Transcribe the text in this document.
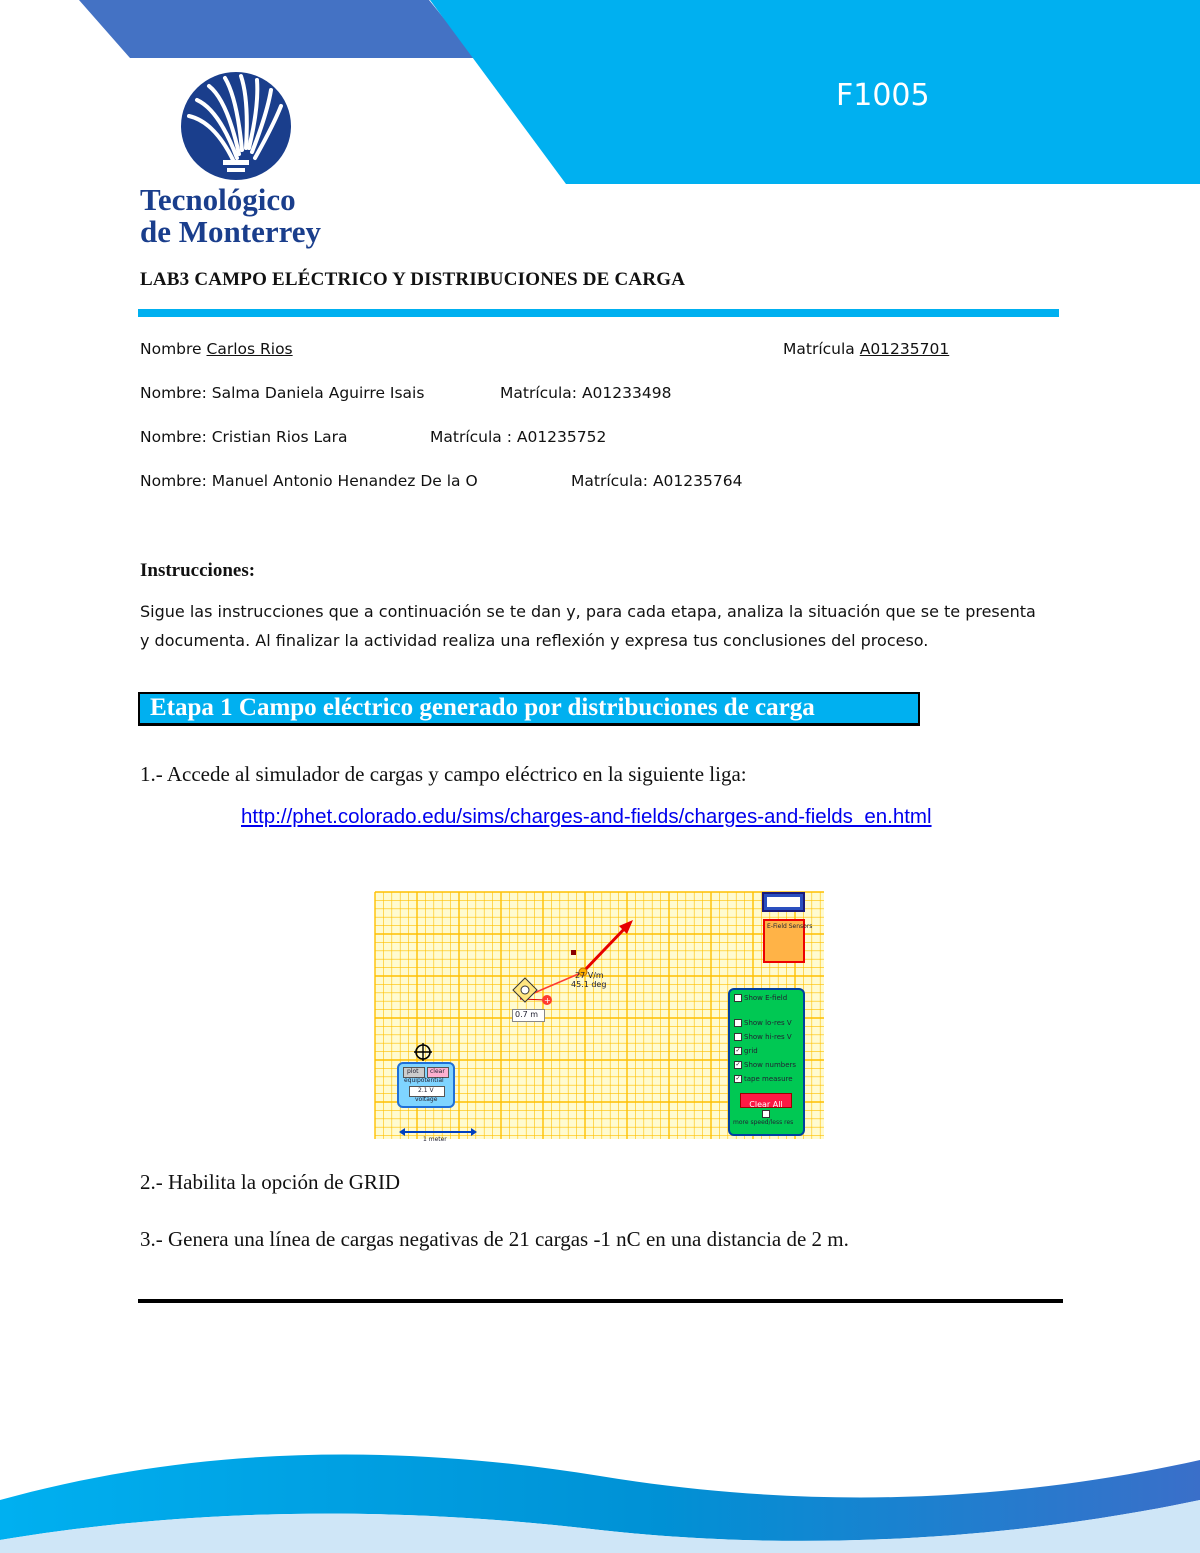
F1005
Tecnológico
de Monterrey
LAB3 CAMPO ELÉCTRICO Y DISTRIBUCIONES DE CARGA
Nombre Carlos Rios	Matrícula A01235701
Nombre: Salma Daniela Aguirre Isais	Matrícula: A01233498
Nombre: Cristian Rios Lara	Matrícula : A01235752
Nombre: Manuel Antonio Henandez De la O	Matrícula: A01235764
Instrucciones:
Sigue las instrucciones que a continuación se te dan y, para cada etapa, analiza la situación que se te presenta
y documenta. Al finalizar la actividad realiza una reflexión y expresa tus conclusiones del proceso.
Etapa 1 Campo eléctrico generado por distribuciones de carga
1.- Accede al simulador de cargas y campo eléctrico en la siguiente liga:
http://phet.colorado.edu/sims/charges-and-fields/charges-and-fields_en.html
+
27 V/m
45.1 deg
0.7 m
E-Field Sensors
Show E-field
Show lo-res V
Show hi-res V
✓ grid
✓ Show numbers
✓ tape measure
Clear All
more speed/less res
plot clear
equipotential
2.1 V
voltage
1 meter
2.- Habilita la opción de GRID
3.- Genera una línea de cargas negativas de 21 cargas -1 nC en una distancia de 2 m.
